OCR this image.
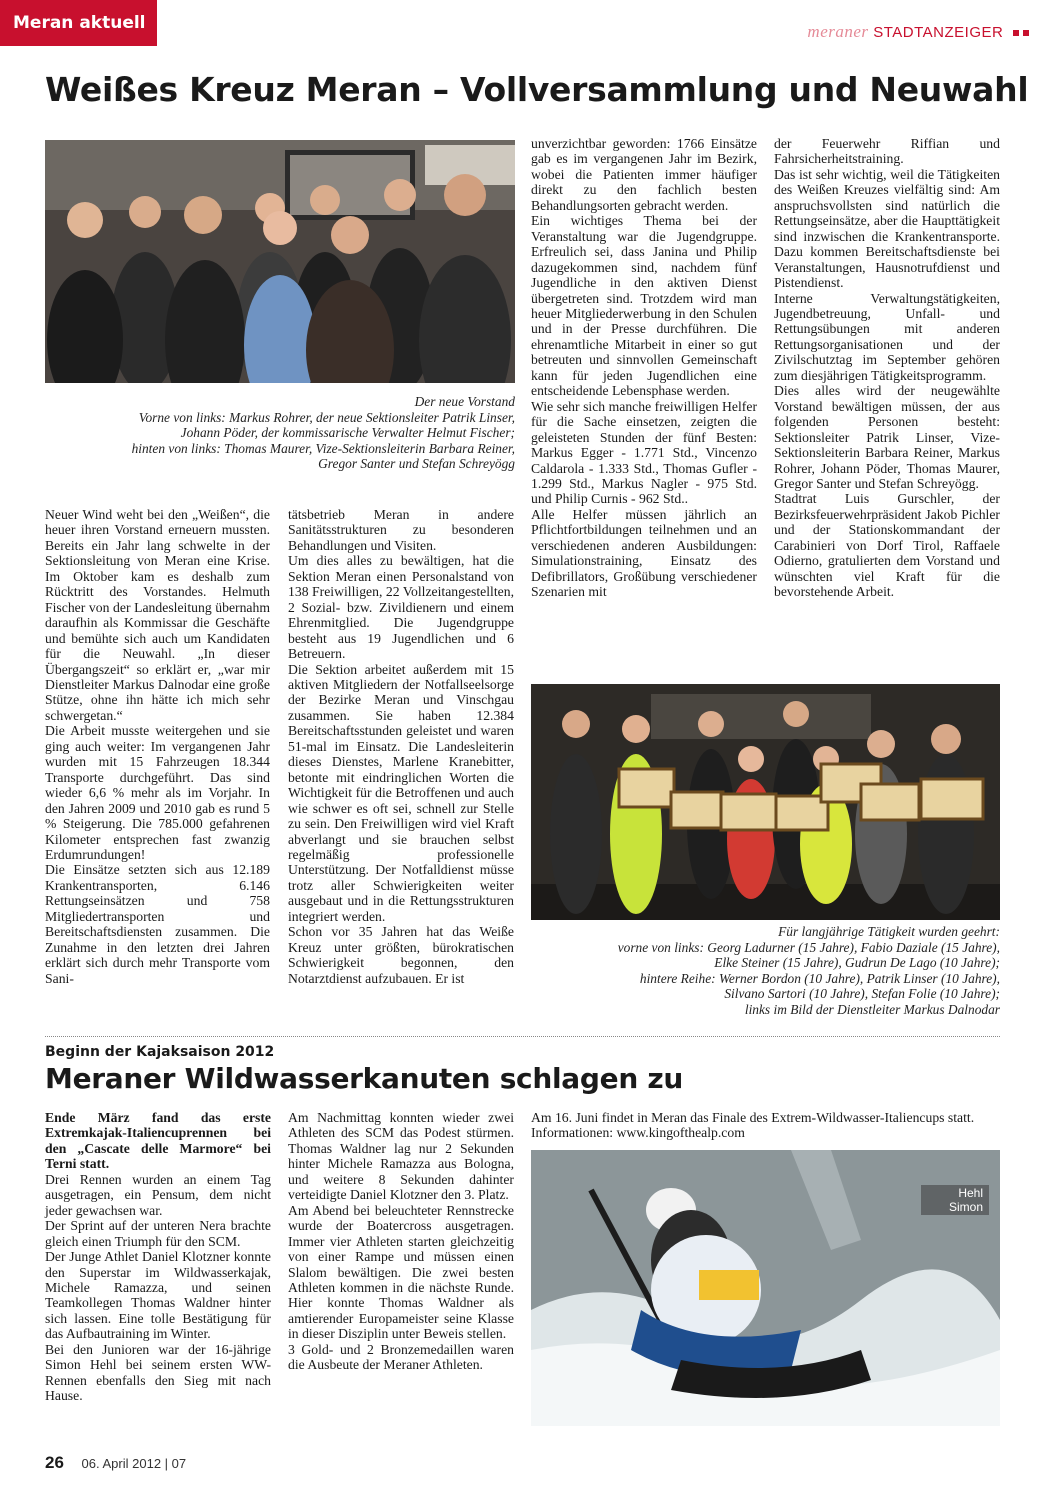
Meran aktuell	meraner STADTANZEIGER
Weißes Kreuz Meran – Vollversammlung und Neuwahl
Der neue Vorstand
Vorne von links: Markus Rohrer, der neue Sektionsleiter Patrik Linser,
Johann Pöder, der kommissarische Verwalter Helmut Fischer;
hinten von links: Thomas Maurer, Vize-Sektionsleiterin Barbara Reiner,
Gregor Santer und Stefan Schreyögg

Neuer Wind weht bei den „Weißen“, die heuer ihren Vorstand erneuern mussten. Bereits ein Jahr lang schwelte in der Sektionsleitung von Meran eine Krise. Im Oktober kam es deshalb zum Rücktritt des Vorstandes. Helmuth Fischer von der Landesleitung übernahm daraufhin als Kommissar die Geschäfte und bemühte sich auch um Kandidaten für die Neuwahl. „In dieser Übergangszeit“ so erklärt er, „war mir Dienstleiter Markus Dalnodar eine große Stütze, ohne ihn hätte ich mich sehr schwergetan.“

Die Arbeit musste weitergehen und sie ging auch weiter: Im vergangenen Jahr wurden mit 15 Fahrzeugen 18.344 Transporte durchgeführt. Das sind wieder 6,6 % mehr als im Vorjahr. In den Jahren 2009 und 2010 gab es rund 5 % Steigerung. Die 785.000 gefahrenen Kilometer entsprechen fast zwanzig Erdumrundungen!

Die Einsätze setzten sich aus 12.189 Krankentransporten, 6.146 Rettungseinsätzen und 758 Mitgliedertransporten und Bereitschaftsdiensten zusammen. Die Zunahme in den letzten drei Jahren erklärt sich durch mehr Transporte vom Sani-

tätsbetrieb Meran in andere Sanitätsstrukturen zu besonderen Behandlungen und Visiten.

Um dies alles zu bewältigen, hat die Sektion Meran einen Personalstand von 138 Freiwilligen, 22 Vollzeitangestellten, 2 Sozial- bzw. Zivildienern und einem Ehrenmitglied. Die Jugendgruppe besteht aus 19 Jugendlichen und 6 Betreuern.

Die Sektion arbeitet außerdem mit 15 aktiven Mitgliedern der Notfallseelsorge der Bezirke Meran und Vinschgau zusammen. Sie haben 12.384 Bereitschaftsstunden geleistet und waren 51-mal im Einsatz. Die Landesleiterin dieses Dienstes, Marlene Kranebitter, betonte mit eindringlichen Worten die Wichtigkeit für die Betroffenen und auch wie schwer es oft sei, schnell zur Stelle zu sein. Den Freiwilligen wird viel Kraft abverlangt und sie brauchen selbst regelmäßig professionelle Unterstützung. Der Notfalldienst müsse trotz aller Schwierigkeiten weiter ausgebaut und in die Rettungsstrukturen integriert werden.

Schon vor 35 Jahren hat das Weiße Kreuz unter größten, bürokratischen Schwierigkeit begonnen, den Notarztdienst aufzubauen. Er ist

unverzichtbar geworden: 1766 Einsätze gab es im vergangenen Jahr im Bezirk, wobei die Patienten immer häufiger direkt zu den fachlich besten Behandlungsorten gebracht werden.

Ein wichtiges Thema bei der Veranstaltung war die Jugendgruppe. Erfreulich sei, dass Janina und Philip dazugekommen sind, nachdem fünf Jugendliche in den aktiven Dienst übergetreten sind. Trotzdem wird man heuer Mitgliederwerbung in den Schulen und in der Presse durchführen. Die ehrenamtliche Mitarbeit in einer so gut betreuten und sinnvollen Gemeinschaft kann für jeden Jugendlichen eine entscheidende Lebensphase werden.

Wie sehr sich manche freiwilligen Helfer für die Sache einsetzen, zeigten die geleisteten Stunden der fünf Besten: Markus Egger - 1.771 Std., Vincenzo Caldarola - 1.333 Std., Thomas Gufler - 1.299 Std., Markus Nagler - 975 Std. und Philip Curnis - 962 Std..

Alle Helfer müssen jährlich an Pflichtfortbildungen teilnehmen und an verschiedenen anderen Ausbildungen: Simulationstraining, Einsatz des Defibrillators, Großübung verschiedener Szenarien mit

der Feuerwehr Riffian und Fahrsicherheitstraining.

Das ist sehr wichtig, weil die Tätigkeiten des Weißen Kreuzes vielfältig sind: Am anspruchsvollsten sind natürlich die Rettungseinsätze, aber die Haupttätigkeit sind inzwischen die Krankentransporte. Dazu kommen Bereitschaftsdienste bei Veranstaltungen, Hausnotrufdienst und Pistendienst.

Interne Verwaltungstätigkeiten, Jugendbetreuung, Unfall- und Rettungsübungen mit anderen Rettungsorganisationen und der Zivilschutztag im September gehören zum diesjährigen Tätigkeitsprogramm.

Dies alles wird der neugewählte Vorstand bewältigen müssen, der aus folgenden Personen besteht: Sektionsleiter Patrik Linser, Vize-Sektionsleiterin Barbara Reiner, Markus Rohrer, Johann Pöder, Thomas Maurer, Gregor Santer und Stefan Schreyögg.

Stadtrat Luis Gurschler, der Bezirksfeuerwehrpräsident Jakob Pichler und der Stationskommandant der Carabinieri von Dorf Tirol, Raffaele Odierno, gratulierten dem Vorstand und wünschten viel Kraft für die bevorstehende Arbeit.

Für langjährige Tätigkeit wurden geehrt:
vorne von links: Georg Ladurner (15 Jahre), Fabio Daziale (15 Jahre),
Elke Steiner (15 Jahre), Gudrun De Lago (10 Jahre);
hintere Reihe: Werner Bordon (10 Jahre), Patrik Linser (10 Jahre),
Silvano Sartori (10 Jahre), Stefan Folie (10 Jahre);
links im Bild der Dienstleiter Markus Dalnodar
Beginn der Kajaksaison 2012
Meraner Wildwasserkanuten schlagen zu

Ende März fand das erste Extremkajak-Italiencuprennen bei den „Cascate delle Marmore“ bei Terni statt.

Drei Rennen wurden an einem Tag ausgetragen, ein Pensum, dem nicht jeder gewachsen war.

Der Sprint auf der unteren Nera brachte gleich einen Triumph für den SCM.

Der Junge Athlet Daniel Klotzner konnte den Superstar im Wildwasserkajak, Michele Ramazza, und seinen Teamkollegen Thomas Waldner hinter sich lassen. Eine tolle Bestätigung für das Aufbautraining im Winter.

Bei den Junioren war der 16-jährige Simon Hehl bei seinem ersten WW-Rennen ebenfalls den Sieg mit nach Hause.

Am Nachmittag konnten wieder zwei Athleten des SCM das Podest stürmen. Thomas Waldner lag nur 2 Sekunden hinter Michele Ramazza aus Bologna, und weitere 8 Sekunden dahinter verteidigte Daniel Klotzner den 3. Platz.

Am Abend bei beleuchteter Rennstrecke wurde der Boatercross ausgetragen. Immer vier Athleten starten gleichzeitig von einer Rampe und müssen einen Slalom bewältigen. Die zwei besten Athleten kommen in die nächste Runde. Hier konnte Thomas Waldner als amtierender Europameister seine Klasse in dieser Disziplin unter Beweis stellen.

3 Gold- und 2 Bronzemedaillen waren die Ausbeute der Meraner Athleten.

Am 16. Juni findet in Meran das Finale des Extrem-Wildwasser-Italiencups statt. Informationen: www.kingofthealp.com

Hehl Simon
26 06. April 2012 | 07
